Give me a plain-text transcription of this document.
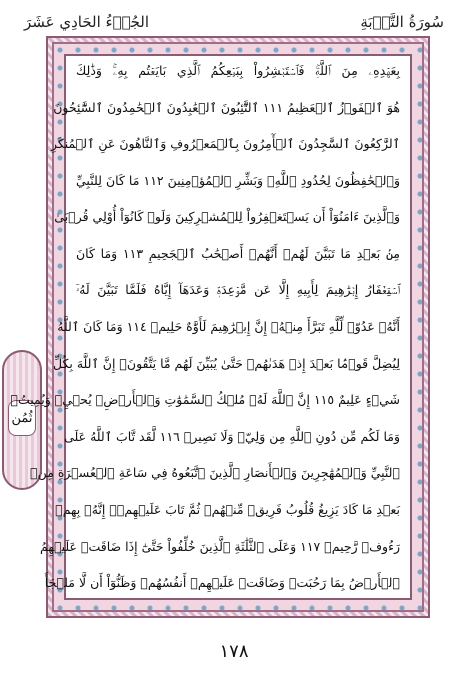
الجُزۡءُ الحَادِي عَشَرَ	سُورَةُ التَّوۡبَةِ
ثُمُن
بِعَهۡدِهِۦ مِنَ ٱللَّهِۚ فَٱسۡتَبۡشِرُواْ بِبَيۡعِكُمُ ٱلَّذِي بَايَعۡتُم بِهِۦۚ وَذَٰلِكَ
هُوَ ٱلۡفَوۡزُ ٱلۡعَظِيمُ ١١١ ٱلتَّٰٓئِبُونَ ٱلۡعَٰبِدُونَ ٱلۡحَٰمِدُونَ ٱلسَّٰٓئِحُونَ
ٱلرَّٰكِعُونَ ٱلسَّٰجِدُونَ ٱلۡأٓمِرُونَ بِٱلۡمَعۡرُوفِ وَٱلنَّاهُونَ عَنِ ٱلۡمُنكَرِ
وَٱلۡحَٰفِظُونَ لِحُدُودِ ٱللَّهِۗ وَبَشِّرِ ٱلۡمُؤۡمِنِينَ ١١٢ مَا كَانَ لِلنَّبِيِّ
وَٱلَّذِينَ ءَامَنُوٓاْ أَن يَسۡتَغۡفِرُواْ لِلۡمُشۡرِكِينَ وَلَوۡ كَانُوٓاْ أُوْلِي قُرۡبَىٰ
مِنۢ بَعۡدِ مَا تَبَيَّنَ لَهُمۡ أَنَّهُمۡ أَصۡحَٰبُ ٱلۡجَحِيمِ ١١٣ وَمَا كَانَ
ٱسۡتِغۡفَارُ إِبۡرَٰهِيمَ لِأَبِيهِ إِلَّا عَن مَّوۡعِدَةٖ وَعَدَهَآ إِيَّاهُ فَلَمَّا تَبَيَّنَ لَهُۥٓ
أَنَّهُۥ عَدُوّٞ لِّلَّهِ تَبَرَّأَ مِنۡهُۚ إِنَّ إِبۡرَٰهِيمَ لَأَوَّٰهٌ حَلِيمٞ ١١٤ وَمَا كَانَ ٱللَّهُ
لِيُضِلَّ قَوۡمَۢا بَعۡدَ إِذۡ هَدَىٰهُمۡ حَتَّىٰ يُبَيِّنَ لَهُم مَّا يَتَّقُونَۚ إِنَّ ٱللَّهَ بِكُلِّ
شَيۡءٍ عَلِيمٌ ١١٥ إِنَّ ٱللَّهَ لَهُۥ مُلۡكُ ٱلسَّمَٰوَٰتِ وَٱلۡأَرۡضِۖ يُحۡيِۦ وَيُمِيتُۚ
وَمَا لَكُم مِّن دُونِ ٱللَّهِ مِن وَلِيّٖ وَلَا نَصِيرٖ ١١٦ لَّقَد تَّابَ ٱللَّهُ عَلَى
ٱلنَّبِيِّ وَٱلۡمُهَٰجِرِينَ وَٱلۡأَنصَارِ ٱلَّذِينَ ٱتَّبَعُوهُ فِي سَاعَةِ ٱلۡعُسۡرَةِ مِنۢ
بَعۡدِ مَا كَادَ يَزِيغُ قُلُوبُ فَرِيقٖ مِّنۡهُمۡ ثُمَّ تَابَ عَلَيۡهِمۡۚ إِنَّهُۥ بِهِمۡ
رَءُوفٞ رَّحِيمٞ ١١٧ وَعَلَى ٱلثَّلَٰثَةِ ٱلَّذِينَ خُلِّفُواْ حَتَّىٰٓ إِذَا ضَاقَتۡ عَلَيۡهِمُ
ٱلۡأَرۡضُ بِمَا رَحُبَتۡ وَضَاقَتۡ عَلَيۡهِمۡ أَنفُسُهُمۡ وَظَنُّوٓاْ أَن لَّا مَلۡجَأَ
١٧٨
